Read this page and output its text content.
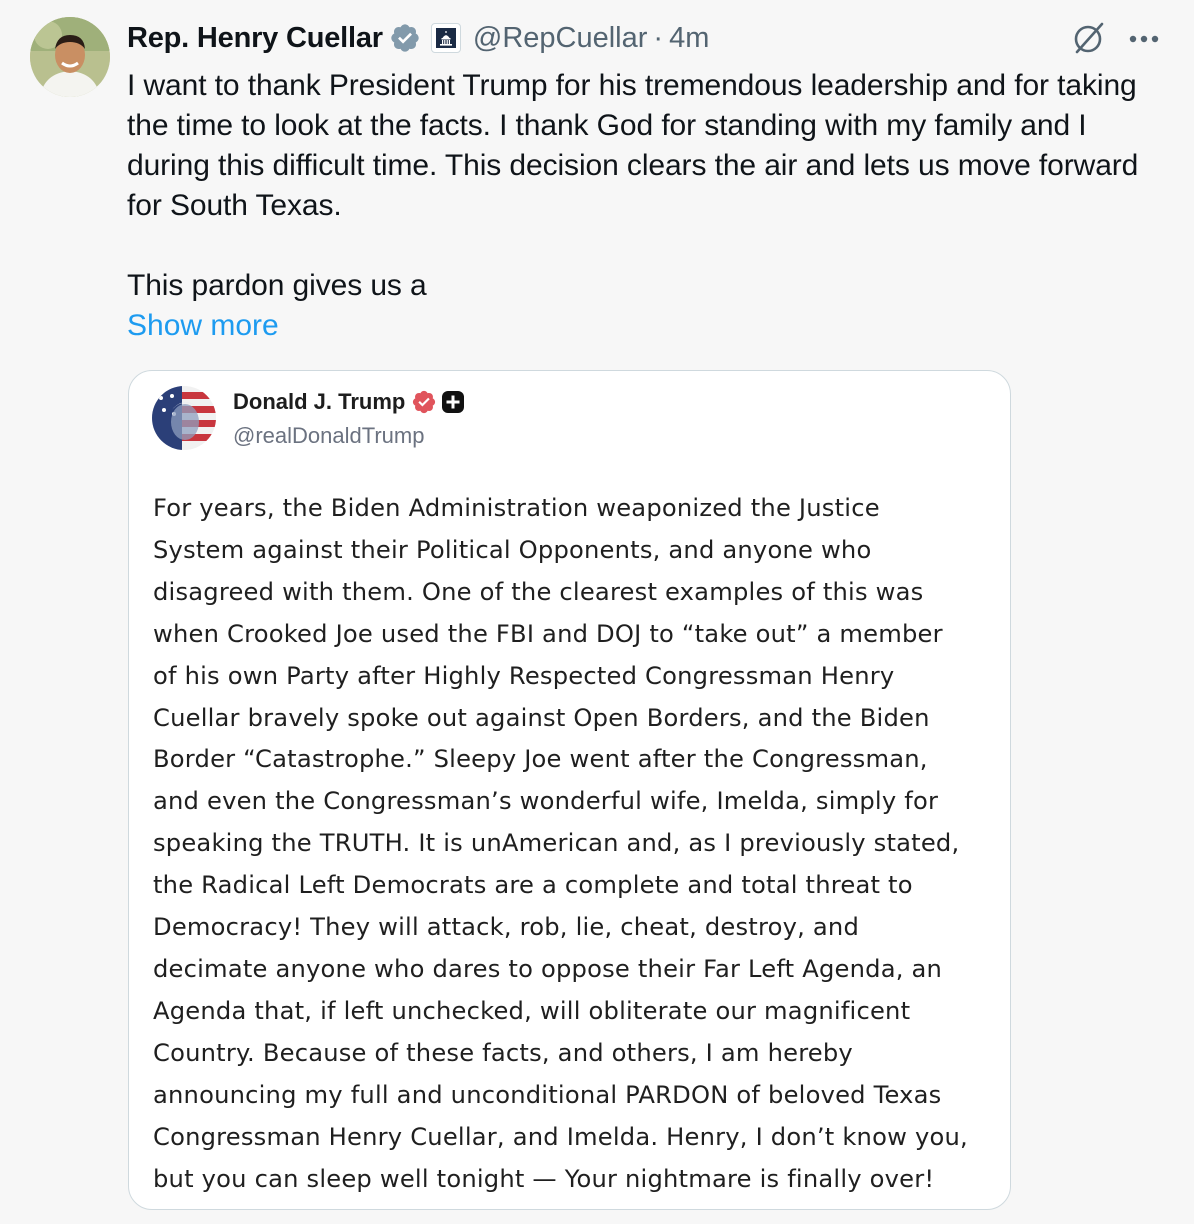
Rep. Henry Cuellar	@RepCuellar · 4m

I want to thank President Trump for his tremendous leadership and for taking the time to look at the facts. I thank God for standing with my family and I during this difficult time. This decision clears the air and lets us move forward for South Texas.

This pardon gives us a

Show more
Donald J. Trump
@realDonaldTrump
For years, the Biden Administration weaponized the Justice
System against their Political Opponents, and anyone who
disagreed with them. One of the clearest examples of this was
when Crooked Joe used the FBI and DOJ to “take out” a member
of his own Party after Highly Respected Congressman Henry
Cuellar bravely spoke out against Open Borders, and the Biden
Border “Catastrophe.” Sleepy Joe went after the Congressman,
and even the Congressman’s wonderful wife, Imelda, simply for
speaking the TRUTH. It is unAmerican and, as I previously stated,
the Radical Left Democrats are a complete and total threat to
Democracy! They will attack, rob, lie, cheat, destroy, and
decimate anyone who dares to oppose their Far Left Agenda, an
Agenda that, if left unchecked, will obliterate our magnificent
Country. Because of these facts, and others, I am hereby
announcing my full and unconditional PARDON of beloved Texas
Congressman Henry Cuellar, and Imelda. Henry, I don’t know you,
but you can sleep well tonight — Your nightmare is finally over!
